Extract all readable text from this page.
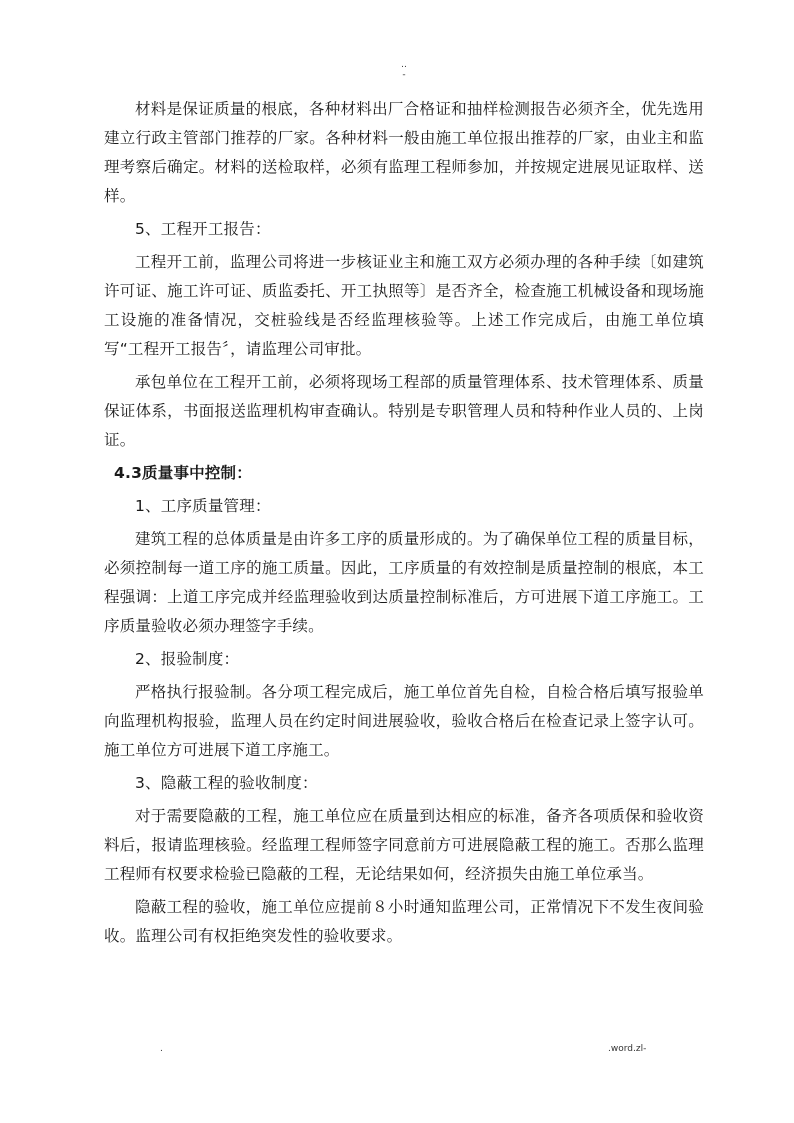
..
-

材料是保证质量的根底，各种材料出厂合格证和抽样检测报告必须齐全，优先选用建立行政主管部门推荐的厂家。各种材料一般由施工单位报出推荐的厂家，由业主和监理考察后确定。材料的送检取样，必须有监理工程师参加，并按规定进展见证取样、送样。

5、工程开工报告：

工程开工前，监理公司将进一步核证业主和施工双方必须办理的各种手续〔如建筑许可证、施工许可证、质监委托、开工执照等〕是否齐全，检查施工机械设备和现场施工设施的准备情况，交桩验线是否经监理核验等。上述工作完成后，由施工单位填写“工程开工报告〞，请监理公司审批。

承包单位在工程开工前，必须将现场工程部的质量管理体系、技术管理体系、质量保证体系，书面报送监理机构审查确认。特别是专职管理人员和特种作业人员的、上岗证。

4.3质量事中控制：

1、工序质量管理：

建筑工程的总体质量是由许多工序的质量形成的。为了确保单位工程的质量目标，必须控制每一道工序的施工质量。因此，工序质量的有效控制是质量控制的根底，本工程强调：上道工序完成并经监理验收到达质量控制标准后，方可进展下道工序施工。工序质量验收必须办理签字手续。

2、报验制度：

严格执行报验制。各分项工程完成后，施工单位首先自检，自检合格后填写报验单向监理机构报验，监理人员在约定时间进展验收，验收合格后在检查记录上签字认可。施工单位方可进展下道工序施工。

3、隐蔽工程的验收制度：

对于需要隐蔽的工程，施工单位应在质量到达相应的标准，备齐各项质保和验收资料后，报请监理核验。经监理工程师签字同意前方可进展隐蔽工程的施工。否那么监理工程师有权要求检验已隐蔽的工程，无论结果如何，经济损失由施工单位承当。

隐蔽工程的验收，施工单位应提前８小时通知监理公司，正常情况下不发生夜间验收。监理公司有权拒绝突发性的验收要求。

.	.word.zl-
